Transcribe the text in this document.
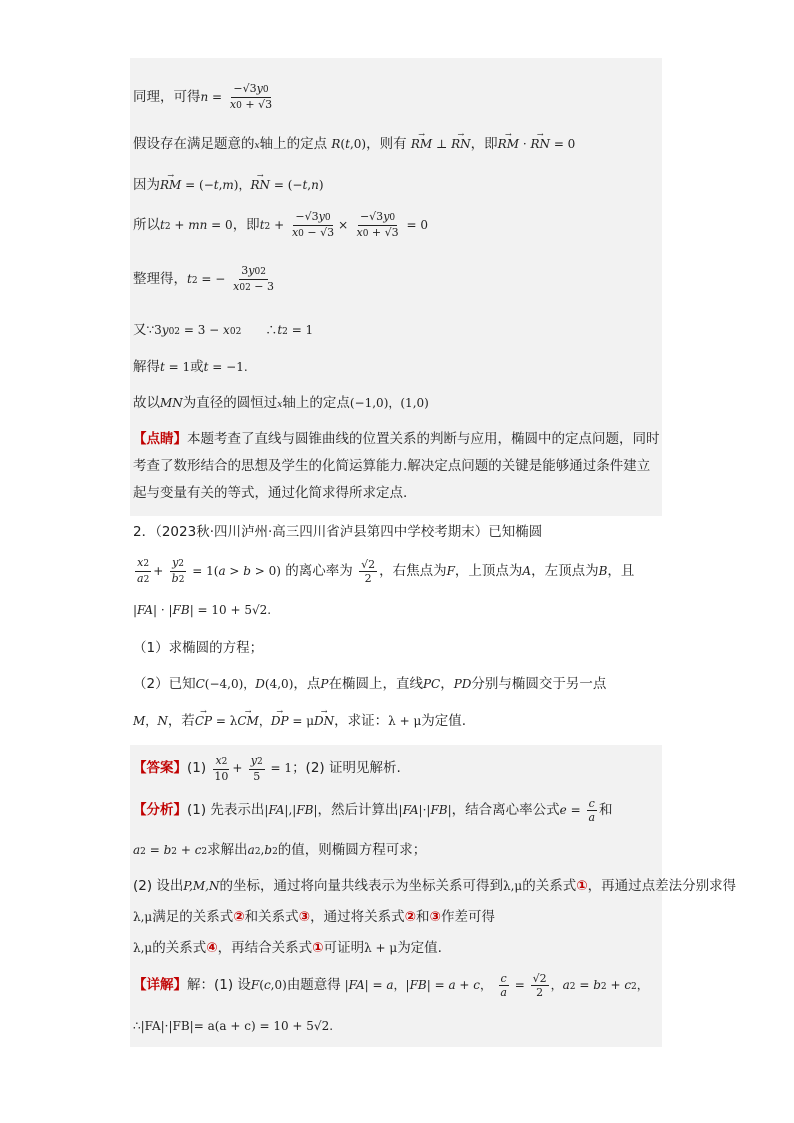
同理，可得$n = \frac{-√3y0}{x0 + √3}$
假设存在满足题意的x轴上的定点 R(t,0)，则有 → RM ⊥ → RN，即→ RM · → RN = 0
因为→ RM = (−t,m)，→ RN = (−t,n)
所以t2 + mn = 0，即$t2 + \frac{-√3y0}{x0 - √3} \times \frac{-√3y0}{x0 + √3} = 0$
整理得，t2 = − $\frac{3y02}{x02 - 3}$
又∵3y02 = 3 − x02　　∴t2 = 1
解得t = 1或t = −1.
故以MN为直径的圆恒过x轴上的定点(−1,0)，(1,0)
【点睛】本题考查了直线与圆锥曲线的位置关系的判断与应用，椭圆中的定点问题，同时考查了数形结合的思想及学生的化简运算能力.解决定点问题的关键是能够通过条件建立起与变量有关的等式，通过化简求得所求定点.
2．（2023秋·四川泸州·高三四川省泸县第四中学校考期末）已知椭圆
$\frac{x2}{a2} + \frac{y2}{b2} = 1(a > b > 0)$ 的离心率为 $\frac{√2}{2}$ ，右焦点为F，上顶点为A，左顶点为B，且
|FA| · |FB| = 10 + 5√2.
（1）求椭圆的方程；
（2）已知C(−4,0)，D(4,0)，点P在椭圆上，直线PC，PD分别与椭圆交于另一点
M，N，若→ CP = λ→ CM，→ DP = μ→ DN，求证：λ + μ为定值.
【答案】$(1) \frac{x2}{10} + \frac{y2}{5} = 1$；(2) 证明见解析.
【分析】(1) 先表示出|FA|,|FB|，然后计算出|FA|·|FB|，结合离心率公式$e = \frac{c}{a}$ 和
a2 = b2 + c2求解出a2,b2的值，则椭圆方程可求；
(2) 设出P,M,N的坐标，通过将向量共线表示为坐标关系可得到λ,μ的关系式①，再通过点差法分别求得
λ,μ满足的关系式②和关系式③，通过将关系式②和③作差可得
λ,μ的关系式④，再结合关系式①可证明λ + μ为定值.
【详解】解：(1) 设F(c,0)由题意得 |FA| = a，|FB| = a + c， $\frac{c}{a} = \frac{√2}{2}$ ，a2 = b2 + c2，
∴|FA|·|FB|= a(a + c) = 10 + 5√2.
